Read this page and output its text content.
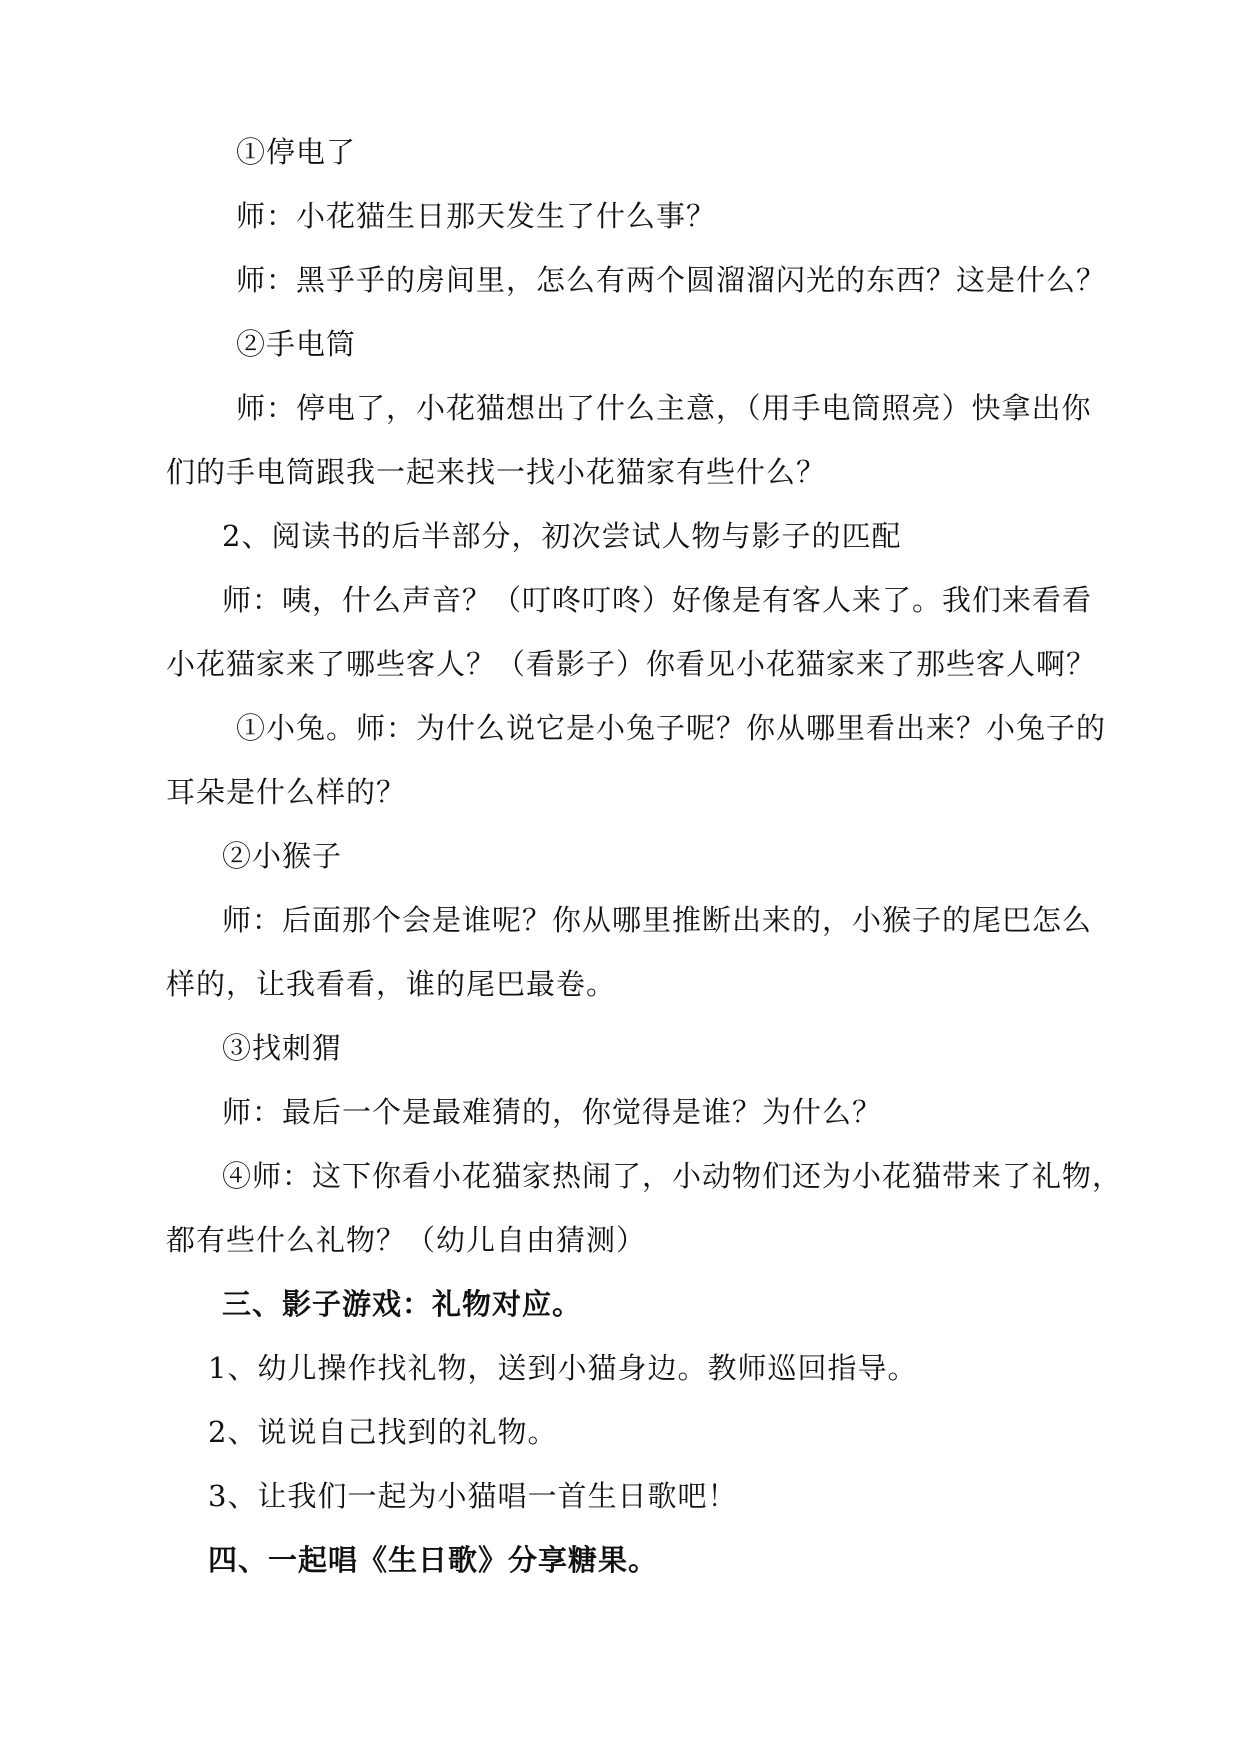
①停电了
师：小花猫生日那天发生了什么事？
师：黑乎乎的房间里，怎么有两个圆溜溜闪光的东西？这是什么？
②手电筒
师：停电了，小花猫想出了什么主意，（用手电筒照亮）快拿出你
们的手电筒跟我一起来找一找小花猫家有些什么？
2、阅读书的后半部分，初次尝试人物与影子的匹配
师：咦，什么声音？（叮咚叮咚）好像是有客人来了。我们来看看
小花猫家来了哪些客人？（看影子）你看见小花猫家来了那些客人啊？
①小兔。师：为什么说它是小兔子呢？你从哪里看出来？小兔子的
耳朵是什么样的？
②小猴子
师：后面那个会是谁呢？你从哪里推断出来的，小猴子的尾巴怎么
样的，让我看看，谁的尾巴最卷。
③找刺猬
师：最后一个是最难猜的，你觉得是谁？为什么？
④师：这下你看小花猫家热闹了，小动物们还为小花猫带来了礼物，
都有些什么礼物？（幼儿自由猜测）
三、影子游戏：礼物对应。
1、幼儿操作找礼物，送到小猫身边。教师巡回指导。
2、说说自己找到的礼物。
3、让我们一起为小猫唱一首生日歌吧！
四、一起唱《生日歌》分享糖果。
